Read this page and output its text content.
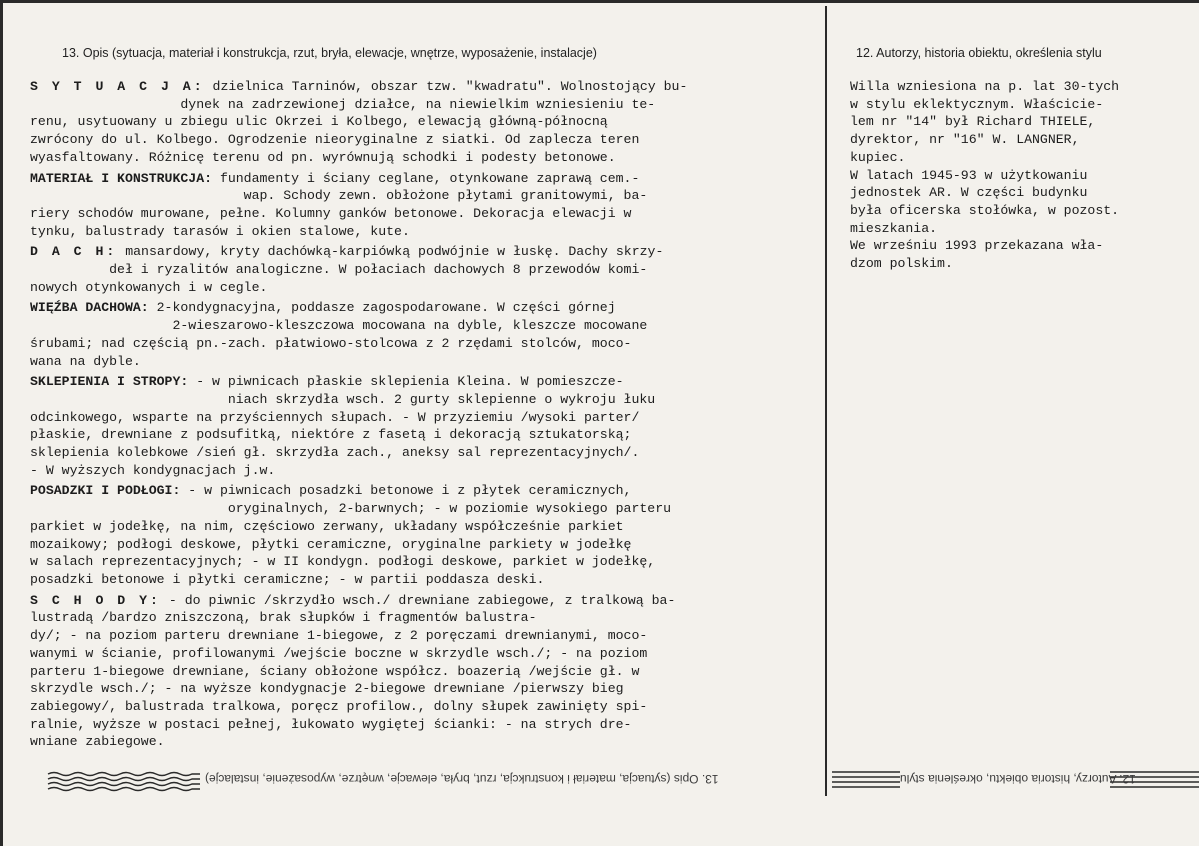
13. Opis (sytuacja, materiał i konstrukcja, rzut, bryła, elewacje, wnętrze, wyposażenie, instalacje)	12. Autorzy, historia obiektu, określenia stylu
S Y T U A C J A: dzielnica Tarninów, obszar tzw. "kwadratu". Wolnostojący bu-
dynek na zadrzewionej działce, na niewielkim wzniesieniu te-
renu, usytuowany u zbiegu ulic Okrzei i Kolbego, elewacją główną-północną
zwrócony do ul. Kolbego. Ogrodzenie nieoryginalne z siatki. Od zaplecza teren
wyasfaltowany. Różnicę terenu od pn. wyrównują schodki i podesty betonowe.
MATERIAŁ I KONSTRUKCJA: fundamenty i ściany ceglane, otynkowane zaprawą cem.-
wap. Schody zewn. obłożone płytami granitowymi, ba-
riery schodów murowane, pełne. Kolumny ganków betonowe. Dekoracja elewacji w
tynku, balustrady tarasów i okien stalowe, kute.
D A C H: mansardowy, kryty dachówką-karpiówką podwójnie w łuskę. Dachy skrzy-
deł i ryzalitów analogiczne. W połaciach dachowych 8 przewodów komi-
nowych otynkowanych i w cegle.
WIĘŹBA DACHOWA: 2-kondygnacyjna, poddasze zagospodarowane. W części górnej
2-wieszarowo-kleszczowa mocowana na dyble, kleszcze mocowane
śrubami; nad częścią pn.-zach. płatwiowo-stolcowa z 2 rzędami stolców, moco-
wana na dyble.
SKLEPIENIA I STROPY: - w piwnicach płaskie sklepienia Kleina. W pomieszcze-
niach skrzydła wsch. 2 gurty sklepienne o wykroju łuku
odcinkowego, wsparte na przyściennych słupach. - W przyziemiu /wysoki parter/
płaskie, drewniane z podsufitką, niektóre z fasetą i dekoracją sztukatorską;
sklepienia kolebkowe /sień gł. skrzydła zach., aneksy sal reprezentacyjnych/.
- W wyższych kondygnacjach j.w.
POSADZKI I PODŁOGI: - w piwnicach posadzki betonowe i z płytek ceramicznych,
oryginalnych, 2-barwnych; - w poziomie wysokiego parteru
parkiet w jodełkę, na nim, częściowo zerwany, układany współcześnie parkiet
mozaikowy; podłogi deskowe, płytki ceramiczne, oryginalne parkiety w jodełkę
w salach reprezentacyjnych; - w II kondygn. podłogi deskowe, parkiet w jodełkę,
posadzki betonowe i płytki ceramiczne; - w partii poddasza deski.
S C H O D Y: - do piwnic /skrzydło wsch./ drewniane zabiegowe, z tralkową ba-
lustradą /bardzo zniszczoną, brak słupków i fragmentów balustra-
dy/; - na poziom parteru drewniane 1-biegowe, z 2 poręczami drewnianymi, moco-
wanymi w ścianie, profilowanymi /wejście boczne w skrzydle wsch./; - na poziom
parteru 1-biegowe drewniane, ściany obłożone współcz. boazerią /wejście gł. w
skrzydle wsch./; - na wyższe kondygnacje 2-biegowe drewniane /pierwszy bieg
zabiegowy/, balustrada tralkowa, poręcz profilow., dolny słupek zawinięty spi-
ralnie, wyższe w postaci pełnej, łukowato wygiętej ścianki: - na strych dre-
wniane zabiegowe.
Willa wzniesiona na p. lat 30-tych
w stylu eklektycznym. Właściciе-
lem nr "14" był Richard THIELE,
dyrektor, nr "16" W. LANGNER,
kupiec.
W latach 1945-93 w użytkowaniu
jednostek AR. W części budynku
była oficerska stołówka, w pozost.
mieszkania.
We wrześniu 1993 przekazana wła-
dzom polskim.
13. Opis (sytuacja, materiał i konstrukcja, rzut, bryła, elewacje, wnętrze, wyposażenie, instalacje)	12. Autorzy, historia obiektu, określenia stylu
